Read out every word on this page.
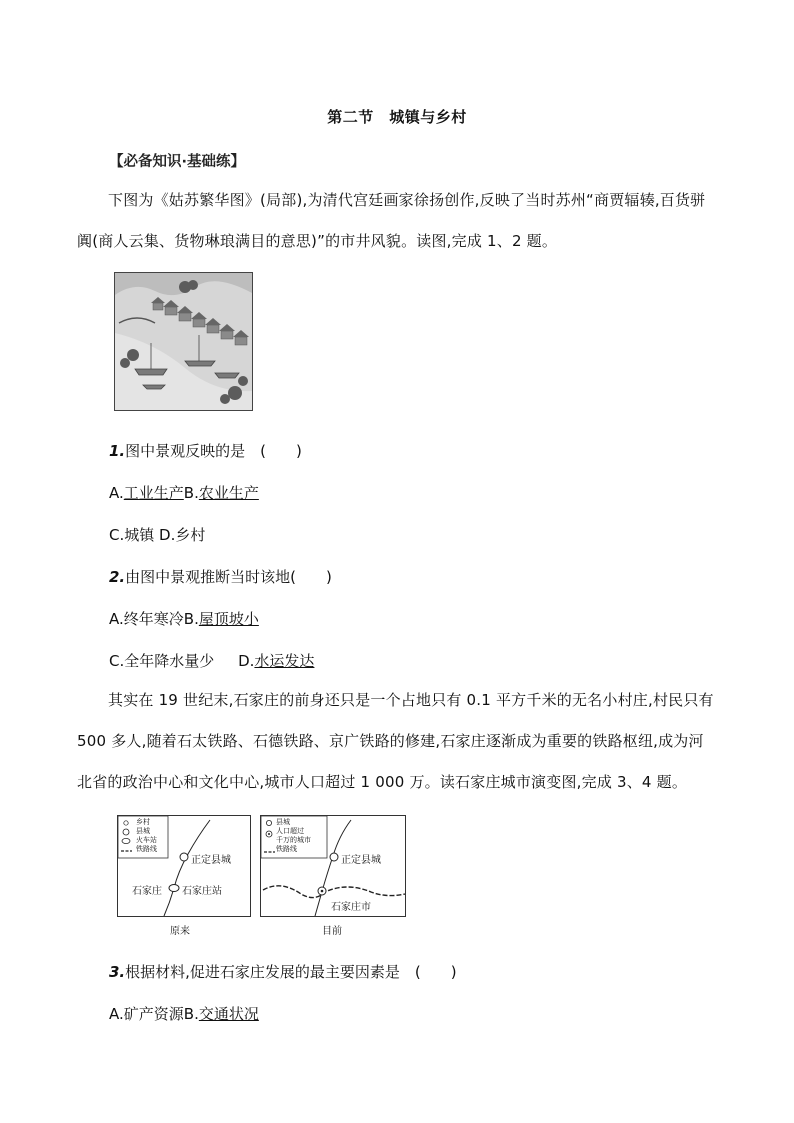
第二节　城镇与乡村
【必备知识·基础练】
下图为《姑苏繁华图》(局部),为清代宫廷画家徐扬创作,反映了当时苏州“商贾辐辏,百货骈阗(商人云集、货物琳琅满目的意思)”的市井风貌。读图,完成 1、2 题。
1.图中景观反映的是　(　　)
A.工业生产B.农业生产
C.城镇 D.乡村
2.由图中景观推断当时该地(　　)
A.终年寒冷B.屋顶坡小
C.全年降水量少 D.水运发达
其实在 19 世纪末,石家庄的前身还只是一个占地只有 0.1 平方千米的无名小村庄,村民只有 500 多人,随着石太铁路、石德铁路、京广铁路的修建,石家庄逐渐成为重要的铁路枢纽,成为河北省的政治中心和文化中心,城市人口超过 1 000 万。读石家庄城市演变图,完成 3、4 题。
乡村
县城
火车站
铁路线
正定县城
石家庄 石家庄站
原来
县城
人口超过
千万的城市
铁路线
正定县城
石家庄市
目前
3.根据材料,促进石家庄发展的最主要因素是　(　　)
A.矿产资源B.交通状况
